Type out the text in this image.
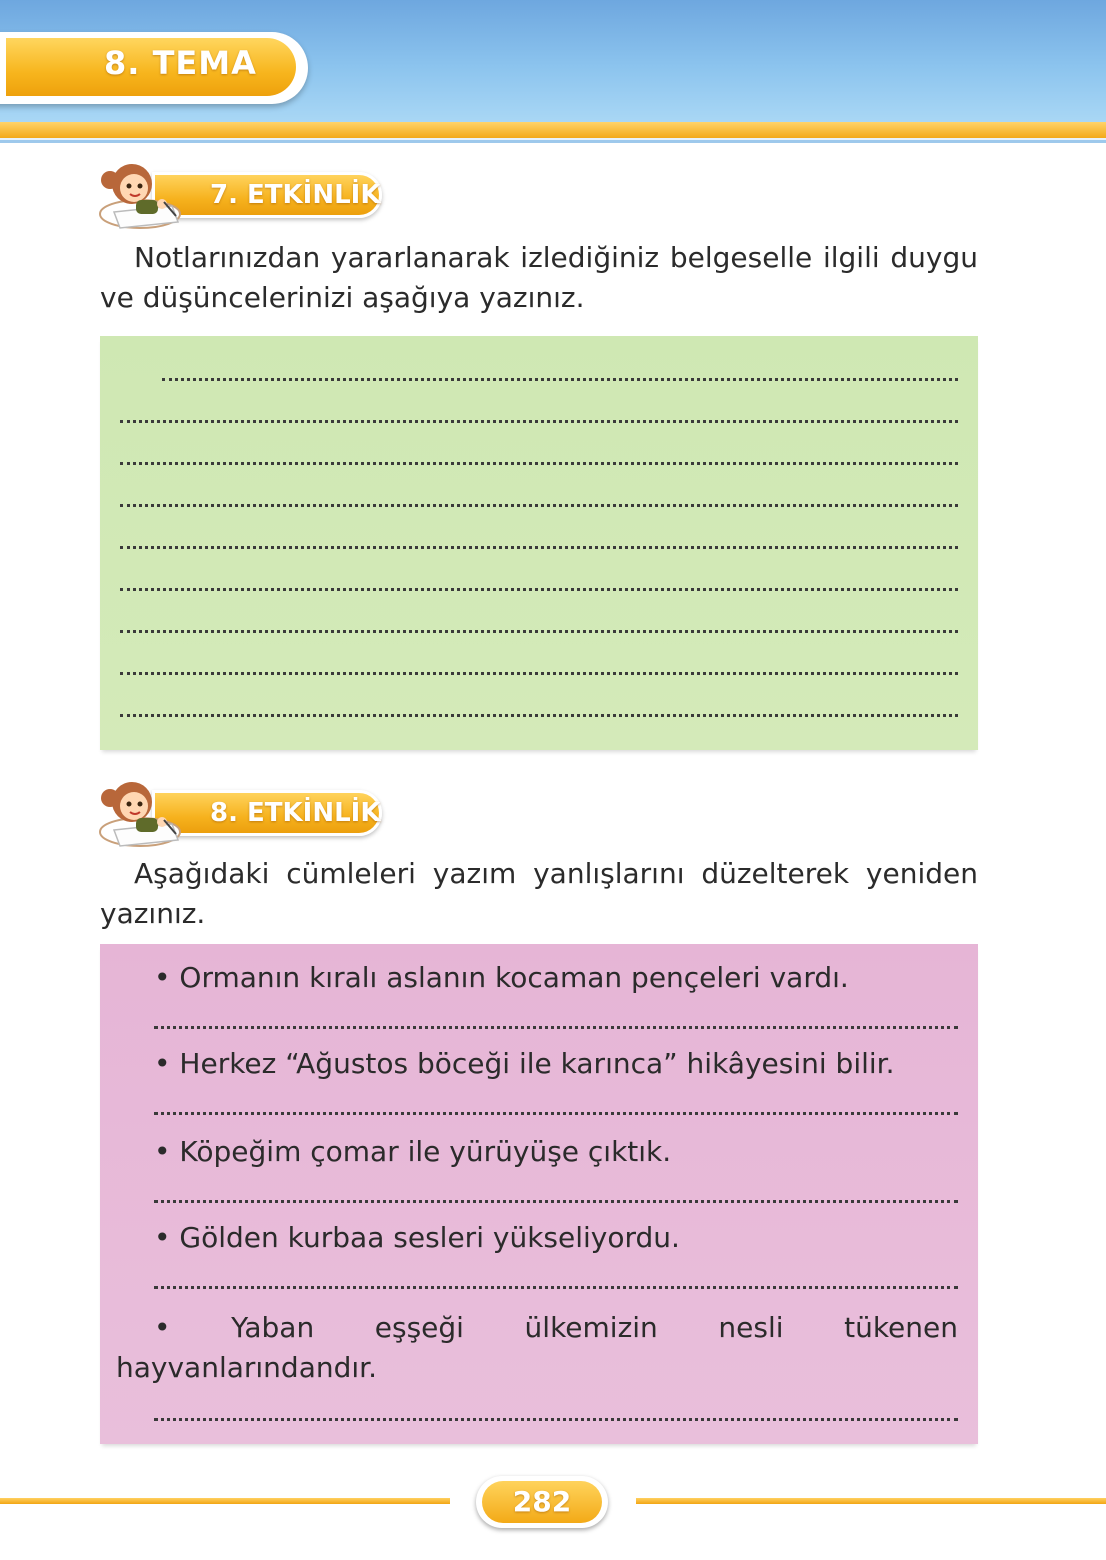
8. TEMA
7. ETKİNLİK

Notlarınızdan yararlanarak izlediğiniz belgeselle ilgili duygu ve düşüncelerinizi aşağıya yazınız.

8. ETKİNLİK

Aşağıdaki cümleleri yazım yanlışlarını düzelterek yeniden yazınız.

• Ormanın kıralı aslanın kocaman pençeleri vardı.

• Herkez “Ağustos böceği ile karınca” hikâyesini bilir.

• Köpeğim çomar ile yürüyüşe çıktık.

• Gölden kurbaa sesleri yükseliyordu.

• Yaban eşşeği ülkemizin nesli tükenen hayvanlarındandır.

282
